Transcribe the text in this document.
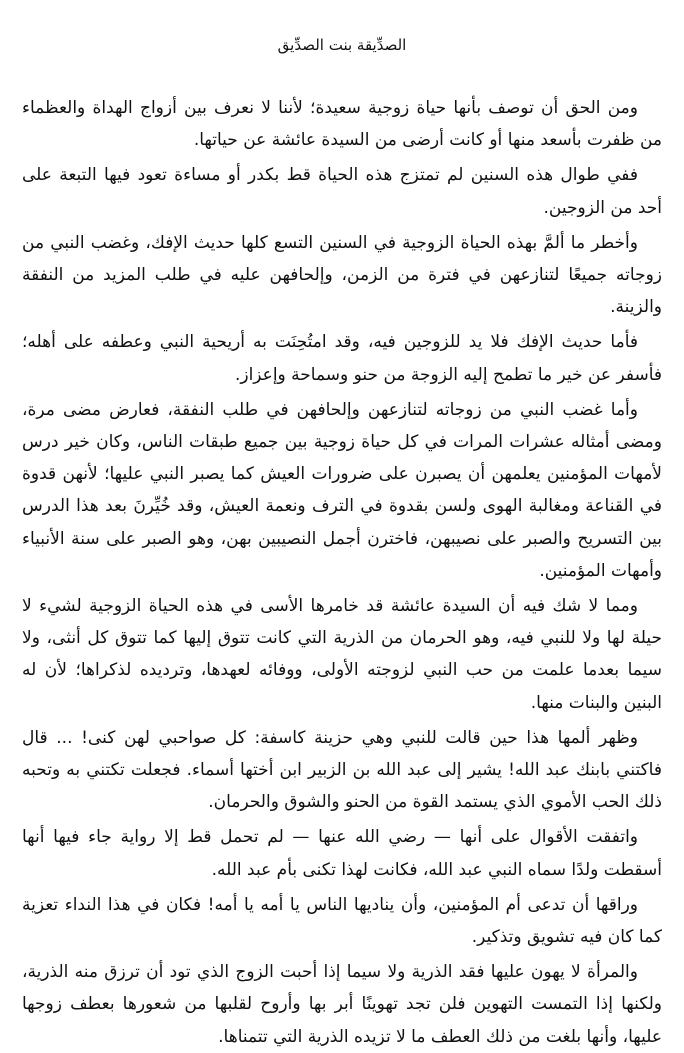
الصدِّيقة بنت الصدِّيق

ومن الحق أن توصف بأنها حياة زوجية سعيدة؛ لأننا لا نعرف بين أزواج الهداة والعظماء من ظفرت بأسعد منها أو كانت أرضى من السيدة عائشة عن حياتها.

ففي طوال هذه السنين لم تمتزج هذه الحياة قط بكدر أو مساءة تعود فيها التبعة على أحد من الزوجين.

وأخطر ما ألمَّ بهذه الحياة الزوجية في السنين التسع كلها حديث الإفك، وغضب النبي من زوجاته جميعًا لتنازعهن في فترة من الزمن، وإلحافهن عليه في طلب المزيد من النفقة والزينة.

فأما حديث الإفك فلا يد للزوجين فيه، وقد امتُحِنَت به أريحية النبي وعطفه على أهله؛ فأسفر عن خير ما تطمح إليه الزوجة من حنو وسماحة وإعزاز.

وأما غضب النبي من زوجاته لتنازعهن وإلحافهن في طلب النفقة، فعارض مضى مرة، ومضى أمثاله عشرات المرات في كل حياة زوجية بين جميع طبقات الناس، وكان خير درس لأمهات المؤمنين يعلمهن أن يصبرن على ضرورات العيش كما يصبر النبي عليها؛ لأنهن قدوة في القناعة ومغالبة الهوى ولسن بقدوة في الترف ونعمة العيش، وقد خُيِّرنَ بعد هذا الدرس بين التسريح والصبر على نصيبهن، فاخترن أجمل النصيبين بهن، وهو الصبر على سنة الأنبياء وأمهات المؤمنين.

ومما لا شك فيه أن السيدة عائشة قد خامرها الأسى في هذه الحياة الزوجية لشيء لا حيلة لها ولا للنبي فيه، وهو الحرمان من الذرية التي كانت تتوق إليها كما تتوق كل أنثى، ولا سيما بعدما علمت من حب النبي لزوجته الأولى، ووفائه لعهدها، وترديده لذكراها؛ لأن له البنين والبنات منها.

وظهر ألمها هذا حين قالت للنبي وهي حزينة كاسفة: كل صواحبي لهن كنى! ... قال فاكتني بابنك عبد الله! يشير إلى عبد الله بن الزبير ابن أختها أسماء. فجعلت تكتني به وتحبه ذلك الحب الأموي الذي يستمد القوة من الحنو والشوق والحرمان.

واتفقت الأقوال على أنها — رضي الله عنها — لم تحمل قط إلا رواية جاء فيها أنها أسقطت ولدًا سماه النبي عبد الله، فكانت لهذا تكنى بأم عبد الله.

وراقها أن تدعى أم المؤمنين، وأن يناديها الناس يا أمه يا أمه! فكان في هذا النداء تعزية كما كان فيه تشويق وتذكير.

والمرأة لا يهون عليها فقد الذرية ولا سيما إذا أحبت الزوج الذي تود أن ترزق منه الذرية، ولكنها إذا التمست التهوين فلن تجد تهوينًا أبر بها وأروح لقلبها من شعورها بعطف زوجها عليها، وأنها بلغت من ذلك العطف ما لا تزيده الذرية التي تتمناها.
